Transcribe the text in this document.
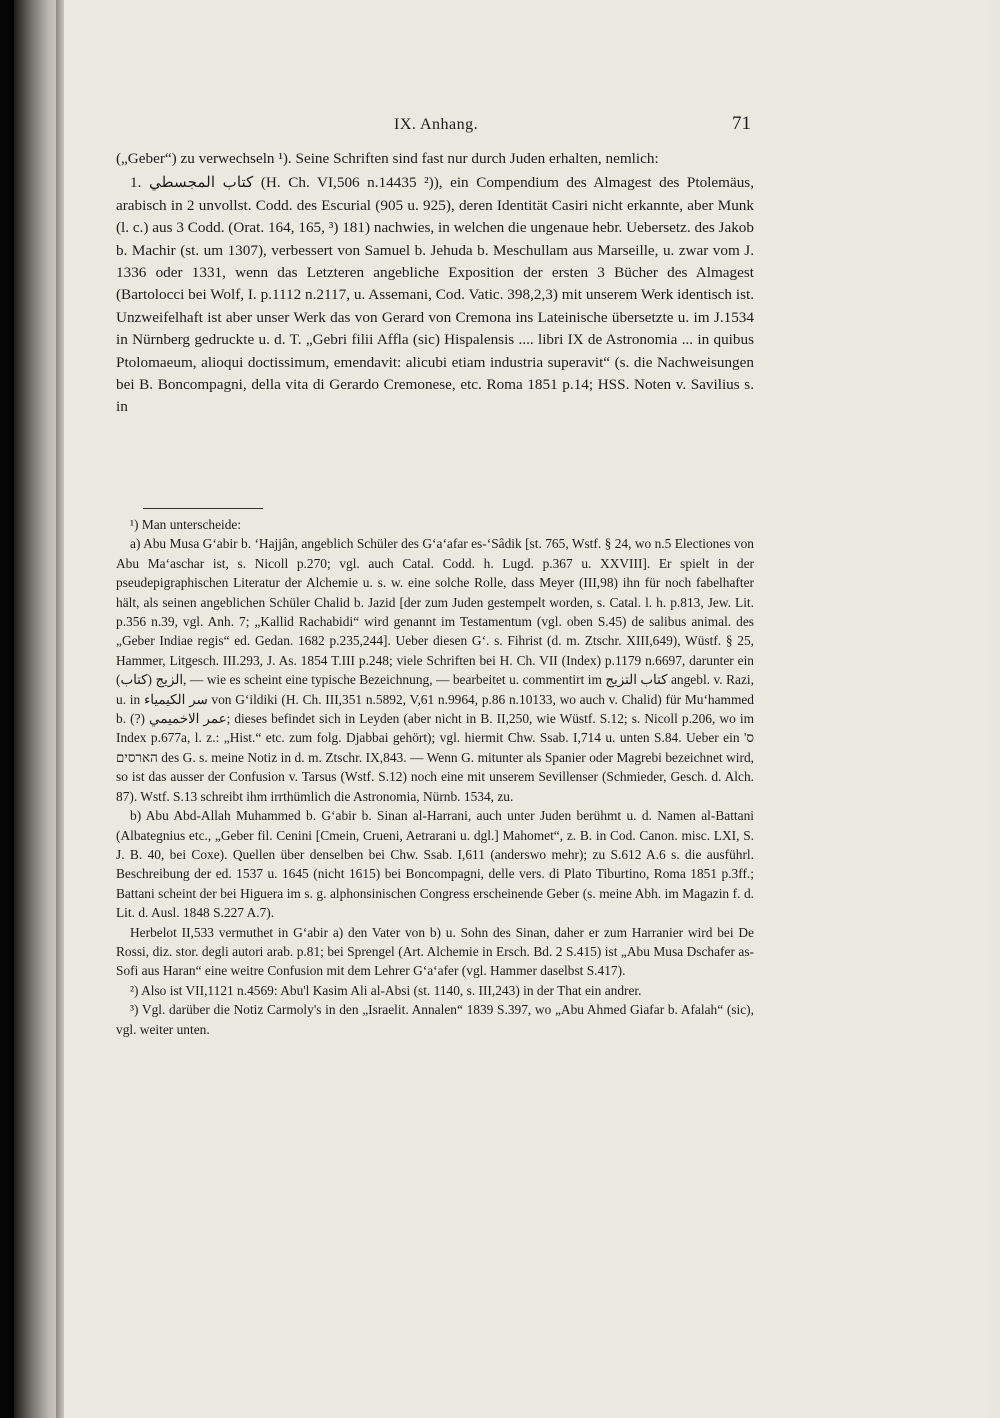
IX. Anhang.	71

(„Geber“) zu verwechseln ¹). Seine Schriften sind fast nur durch Juden erhalten, nemlich:

1. كتاب المجسطي (H. Ch. VI,506 n.14435 ²)), ein Compendium des Almagest des Ptolemäus, arabisch in 2 unvollst. Codd. des Escurial (905 u. 925), deren Identität Casiri nicht erkannte, aber Munk (l. c.) aus 3 Codd. (Orat. 164, 165, ³) 181) nachwies, in welchen die ungenaue hebr. Uebersetz. des Jakob b. Machir (st. um 1307), verbessert von Samuel b. Jehuda b. Meschullam aus Marseille, u. zwar vom J. 1336 oder 1331, wenn das Letzteren angebliche Exposition der ersten 3 Bücher des Almagest (Bartolocci bei Wolf, I. p.1112 n.2117, u. Assemani, Cod. Vatic. 398,2,3) mit unserem Werk identisch ist. Unzweifelhaft ist aber unser Werk das von Gerard von Cremona ins Lateinische übersetzte u. im J.1534 in Nürnberg gedruckte u. d. T. „Gebri filii Affla (sic) Hispalensis .... libri IX de Astronomia ... in quibus Ptolomaeum, alioqui doctissimum, emendavit: alicubi etiam industria superavit“ (s. die Nachweisungen bei B. Boncompagni, della vita di Gerardo Cremonese, etc. Roma 1851 p.14; HSS. Noten v. Savilius s. in

¹) Man unterscheide:

a) Abu Musa G‘abir b. ‘Hajjân, angeblich Schüler des G‘a‘afar es-‘Sâdik [st. 765, Wstf. § 24, wo n.5 Electiones von Abu Ma‘aschar ist, s. Nicoll p.270; vgl. auch Catal. Codd. h. Lugd. p.367 u. XXVIII]. Er spielt in der pseudepigraphischen Literatur der Alchemie u. s. w. eine solche Rolle, dass Meyer (III,98) ihn für noch fabelhafter hält, als seinen angeblichen Schüler Chalid b. Jazid [der zum Juden gestempelt worden, s. Catal. l. h. p.813, Jew. Lit. p.356 n.39, vgl. Anh. 7; „Kallid Rachabidi“ wird genannt im Testamentum (vgl. oben S.45) de salibus animal. des „Geber Indiae regis“ ed. Gedan. 1682 p.235,244]. Ueber diesen G‘. s. Fihrist (d. m. Ztschr. XIII,649), Wüstf. § 25, Hammer, Litgesch. III.293, J. As. 1854 T.III p.248; viele Schriften bei H. Ch. VII (Index) p.1179 n.6697, darunter ein الزيج (كتاب), — wie es scheint eine typische Bezeichnung, — bearbeitet u. commentirt im كتاب التزيج angebl. v. Razi, u. in سر الكيمياء von G‘ildiki (H. Ch. III,351 n.5892, V,61 n.9964, p.86 n.10133, wo auch v. Chalid) für Mu‘hammed b. (?) عمر الاخميمي; dieses befindet sich in Leyden (aber nicht in B. II,250, wie Wüstf. S.12; s. Nicoll p.206, wo im Index p.677a, l. z.: „Hist.“ etc. zum folg. Djabbai gehört); vgl. hiermit Chw. Ssab. I,714 u. unten S.84. Ueber ein ס' הארסים des G. s. meine Notiz in d. m. Ztschr. IX,843. — Wenn G. mitunter als Spanier oder Magrebi bezeichnet wird, so ist das ausser der Confusion v. Tarsus (Wstf. S.12) noch eine mit unserem Sevillenser (Schmieder, Gesch. d. Alch. 87). Wstf. S.13 schreibt ihm irrthümlich die Astronomia, Nürnb. 1534, zu.

b) Abu Abd-Allah Muhammed b. G‘abir b. Sinan al-Harrani, auch unter Juden berühmt u. d. Namen al-Battani (Albategnius etc., „Geber fil. Cenini [Cmein, Crueni, Aetrarani u. dgl.] Mahomet“, z. B. in Cod. Canon. misc. LXI, S. J. B. 40, bei Coxe). Quellen über denselben bei Chw. Ssab. I,611 (anderswo mehr); zu S.612 A.6 s. die ausführl. Beschreibung der ed. 1537 u. 1645 (nicht 1615) bei Boncompagni, delle vers. di Plato Tiburtino, Roma 1851 p.3ff.; Battani scheint der bei Higuera im s. g. alphonsinischen Congress erscheinende Geber (s. meine Abh. im Magazin f. d. Lit. d. Ausl. 1848 S.227 A.7).

Herbelot II,533 vermuthet in G‘abir a) den Vater von b) u. Sohn des Sinan, daher er zum Harranier wird bei De Rossi, diz. stor. degli autori arab. p.81; bei Sprengel (Art. Alchemie in Ersch. Bd. 2 S.415) ist „Abu Musa Dschafer as-Sofi aus Haran“ eine weitre Confusion mit dem Lehrer G‘a‘afer (vgl. Hammer daselbst S.417).

²) Also ist VII,1121 n.4569: Abu'l Kasim Ali al-Absi (st. 1140, s. III,243) in der That ein andrer.

³) Vgl. darüber die Notiz Carmoly's in den „Israelit. Annalen“ 1839 S.397, wo „Abu Ahmed Giafar b. Afalah“ (sic), vgl. weiter unten.
